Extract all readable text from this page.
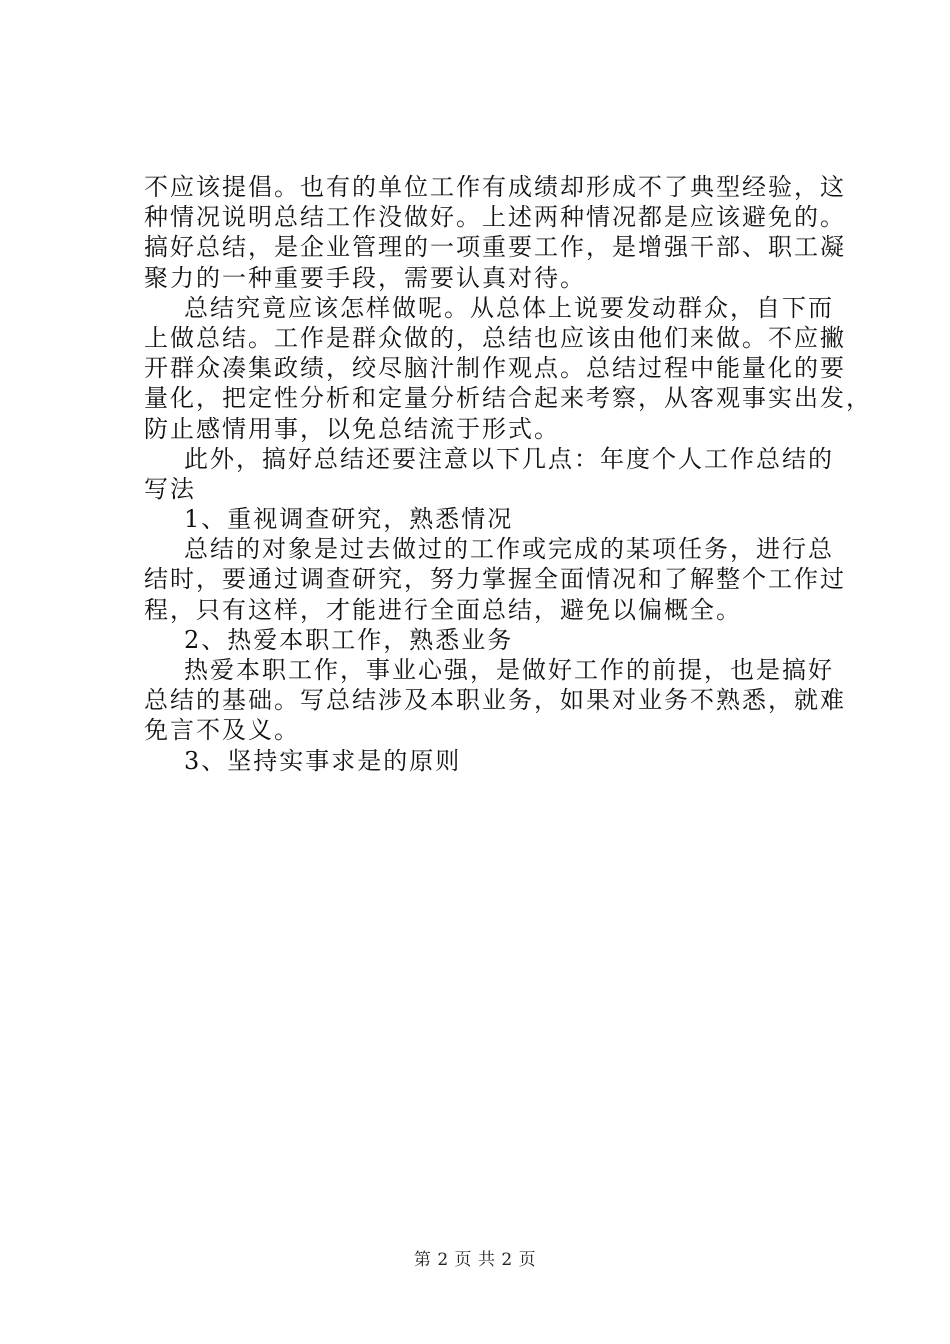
不应该提倡。也有的单位工作有成绩却形成不了典型经验，这
种情况说明总结工作没做好。上述两种情况都是应该避免的。
搞好总结，是企业管理的一项重要工作，是增强干部、职工凝
聚力的一种重要手段，需要认真对待。
总结究竟应该怎样做呢。从总体上说要发动群众，自下而
上做总结。工作是群众做的，总结也应该由他们来做。不应撇
开群众凑集政绩，绞尽脑汁制作观点。总结过程中能量化的要
量化，把定性分析和定量分析结合起来考察，从客观事实出发，
防止感情用事，以免总结流于形式。
此外，搞好总结还要注意以下几点：年度个人工作总结的
写法
1、重视调查研究，熟悉情况
总结的对象是过去做过的工作或完成的某项任务，进行总
结时，要通过调查研究，努力掌握全面情况和了解整个工作过
程，只有这样，才能进行全面总结，避免以偏概全。
2、热爱本职工作，熟悉业务
热爱本职工作，事业心强，是做好工作的前提，也是搞好
总结的基础。写总结涉及本职业务，如果对业务不熟悉，就难
免言不及义。
3、坚持实事求是的原则
第 2 页 共 2 页
